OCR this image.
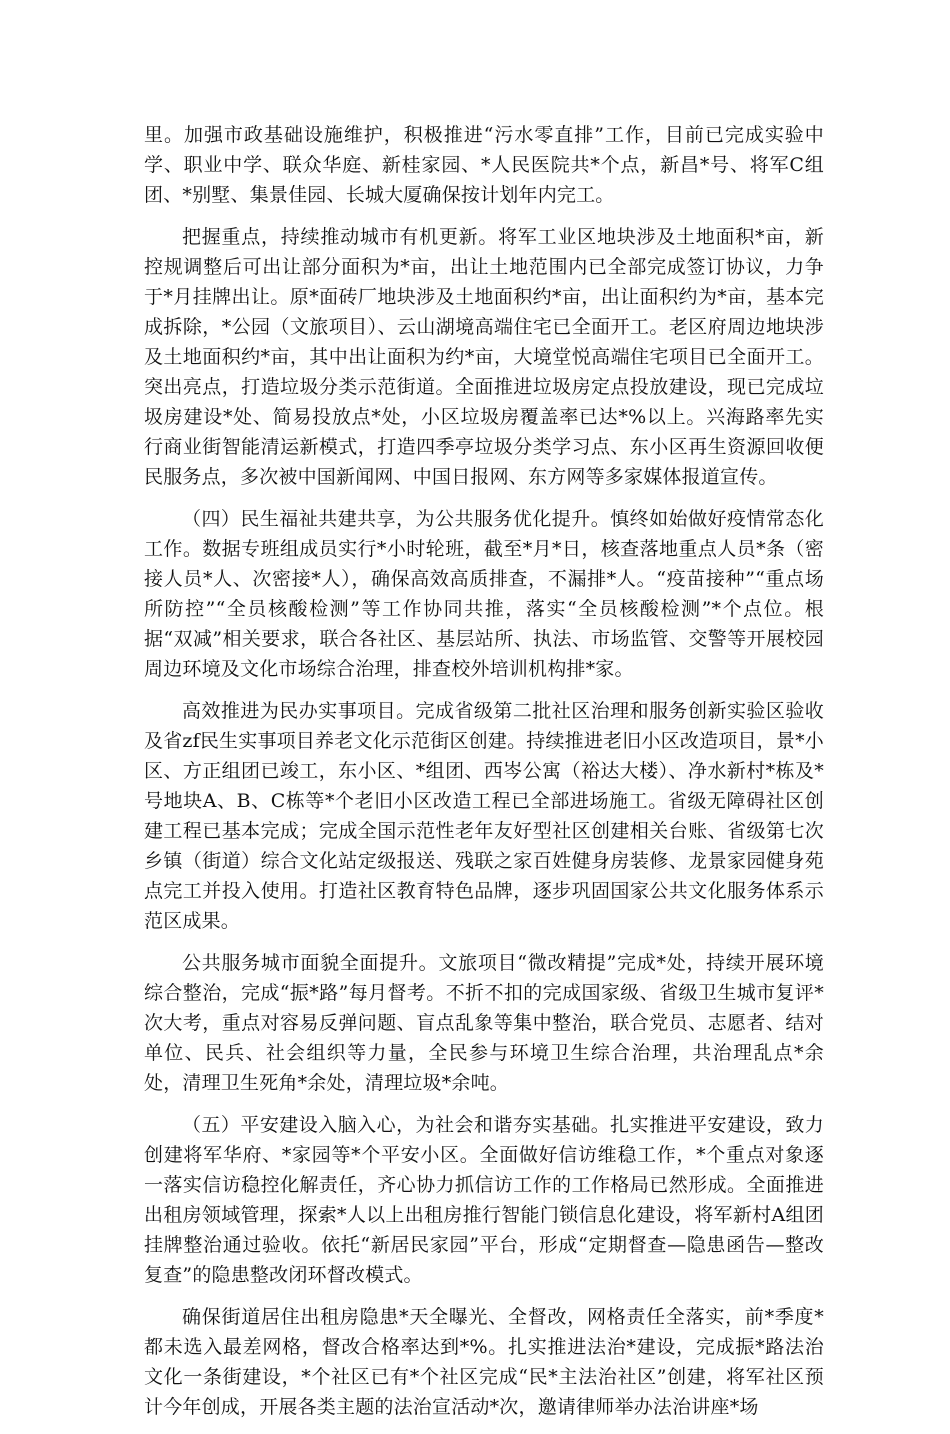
里。加强市政基础设施维护，积极推进“污水零直排”工作，目前已完成实验中学、职业中学、联众华庭、新桂家园、*人民医院共*个点，新昌*号、将军C组团、*别墅、集景佳园、长城大厦确保按计划年内完工。

把握重点，持续推动城市有机更新。将军工业区地块涉及土地面积*亩，新控规调整后可出让部分面积为*亩，出让土地范围内已全部完成签订协议，力争于*月挂牌出让。原*面砖厂地块涉及土地面积约*亩，出让面积约为*亩，基本完成拆除，*公园（文旅项目）、云山湖境高端住宅已全面开工。老区府周边地块涉及土地面积约*亩，其中出让面积为约*亩，大境堂悦高端住宅项目已全面开工。突出亮点，打造垃圾分类示范街道。全面推进垃圾房定点投放建设，现已完成垃圾房建设*处、简易投放点*处，小区垃圾房覆盖率已达*%以上。兴海路率先实行商业街智能清运新模式，打造四季亭垃圾分类学习点、东小区再生资源回收便民服务点，多次被中国新闻网、中国日报网、东方网等多家媒体报道宣传。

（四）民生福祉共建共享，为公共服务优化提升。慎终如始做好疫情常态化工作。数据专班组成员实行*小时轮班，截至*月*日，核查落地重点人员*条（密接人员*人、次密接*人），确保高效高质排查，不漏排*人。“疫苗接种”“重点场所防控”“全员核酸检测”等工作协同共推，落实“全员核酸检测”*个点位。根据“双减”相关要求，联合各社区、基层站所、执法、市场监管、交警等开展校园周边环境及文化市场综合治理，排查校外培训机构排*家。

高效推进为民办实事项目。完成省级第二批社区治理和服务创新实验区验收及省zf民生实事项目养老文化示范街区创建。持续推进老旧小区改造项目，景*小区、方正组团已竣工，东小区、*组团、西岑公寓（裕达大楼）、净水新村*栋及*号地块A、B、C栋等*个老旧小区改造工程已全部进场施工。省级无障碍社区创建工程已基本完成；完成全国示范性老年友好型社区创建相关台账、省级第七次乡镇（街道）综合文化站定级报送、残联之家百姓健身房装修、龙景家园健身苑点完工并投入使用。打造社区教育特色品牌，逐步巩固国家公共文化服务体系示范区成果。

公共服务城市面貌全面提升。文旅项目“微改精提”完成*处，持续开展环境综合整治，完成“振*路”每月督考。不折不扣的完成国家级、省级卫生城市复评*次大考，重点对容易反弹问题、盲点乱象等集中整治，联合党员、志愿者、结对单位、民兵、社会组织等力量，全民参与环境卫生综合治理，共治理乱点*余处，清理卫生死角*余处，清理垃圾*余吨。

（五）平安建设入脑入心，为社会和谐夯实基础。扎实推进平安建设，致力创建将军华府、*家园等*个平安小区。全面做好信访维稳工作，*个重点对象逐一落实信访稳控化解责任，齐心协力抓信访工作的工作格局已然形成。全面推进出租房领域管理，探索*人以上出租房推行智能门锁信息化建设，将军新村A组团挂牌整治通过验收。依托“新居民家园”平台，形成“定期督查—隐患函告—整改复查”的隐患整改闭环督改模式。

确保街道居住出租房隐患*天全曝光、全督改，网格责任全落实，前*季度*都未选入最差网格，督改合格率达到*%。扎实推进法治*建设，完成振*路法治文化一条街建设，*个社区已有*个社区完成“民*主法治社区”创建，将军社区预计今年创成，开展各类主题的法治宣活动*次，邀请律师举办法治讲座*场
